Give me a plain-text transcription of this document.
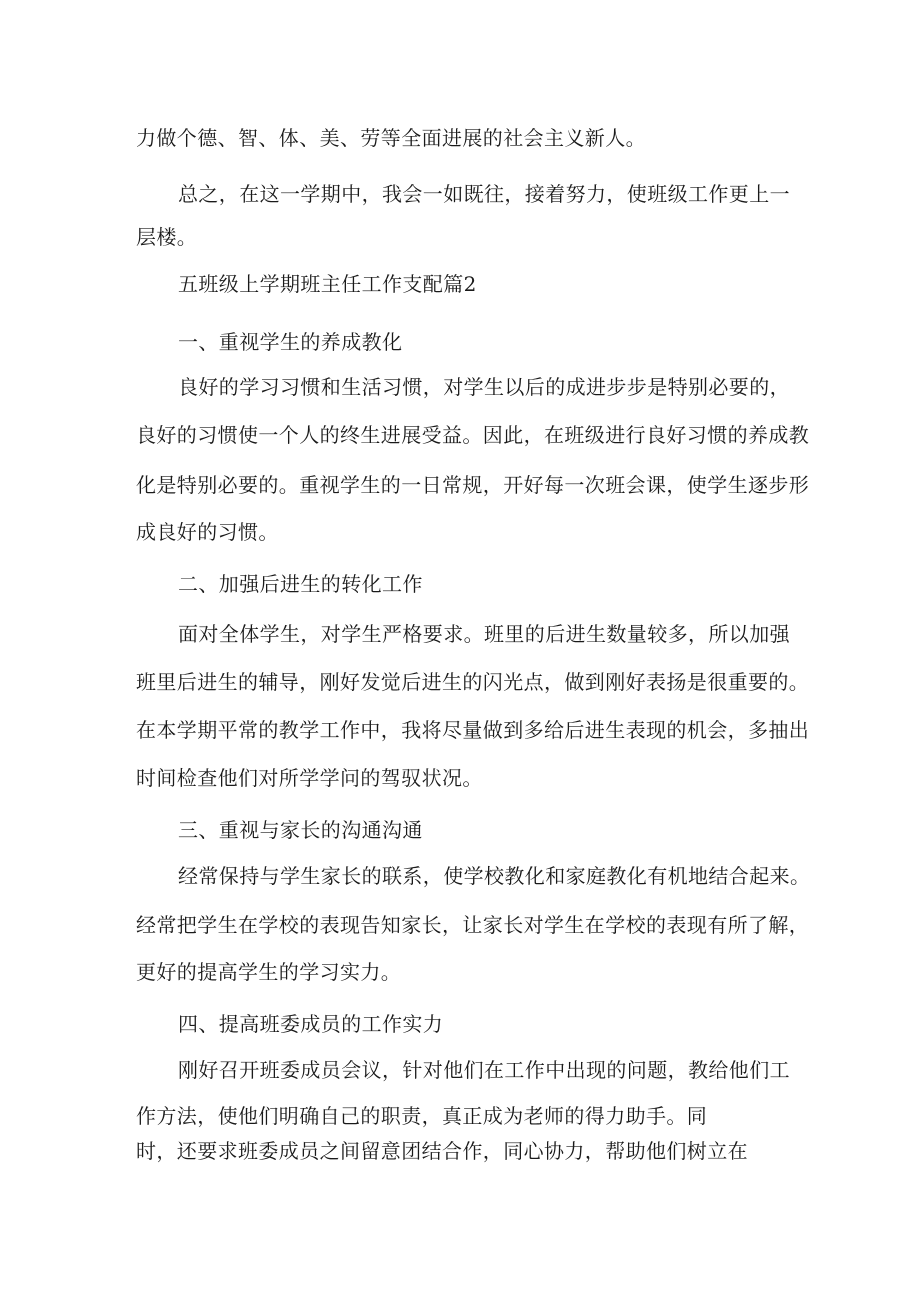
力做个德、智、体、美、劳等全面进展的社会主义新人。

总之，在这一学期中，我会一如既往，接着努力，使班级工作更上一

层楼。

五班级上学期班主任工作支配篇2

一、重视学生的养成教化

良好的学习习惯和生活习惯，对学生以后的成进步步是特别必要的，

良好的习惯使一个人的终生进展受益。因此，在班级进行良好习惯的养成教

化是特别必要的。重视学生的一日常规，开好每一次班会课，使学生逐步形

成良好的习惯。

二、加强后进生的转化工作

面对全体学生，对学生严格要求。班里的后进生数量较多，所以加强

班里后进生的辅导，刚好发觉后进生的闪光点，做到刚好表扬是很重要的。

在本学期平常的教学工作中，我将尽量做到多给后进生表现的机会，多抽出

时间检查他们对所学学问的驾驭状况。

三、重视与家长的沟通沟通

经常保持与学生家长的联系，使学校教化和家庭教化有机地结合起来。

经常把学生在学校的表现告知家长，让家长对学生在学校的表现有所了解，

更好的提高学生的学习实力。

四、提高班委成员的工作实力

刚好召开班委成员会议，针对他们在工作中出现的问题，教给他们工

作方法，使他们明确自己的职责，真正成为老师的得力助手。同

时，还要求班委成员之间留意团结合作，同心协力，帮助他们树立在
